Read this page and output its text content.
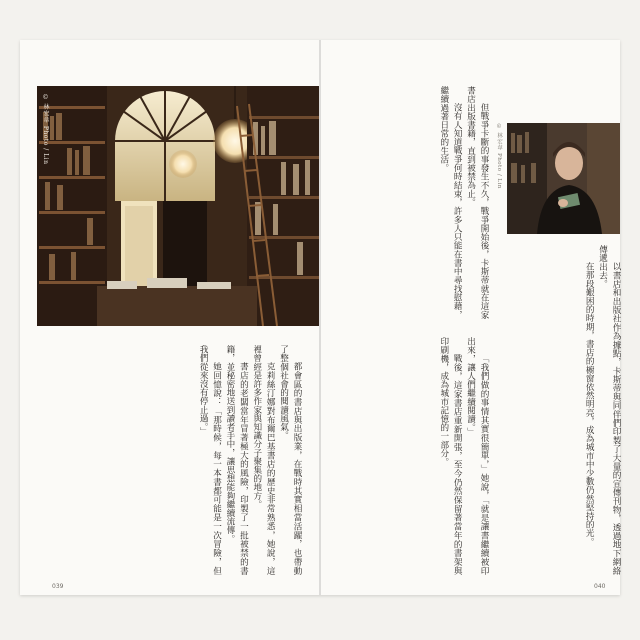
© 林宏韋 Photo / Lin

都會區的書店與出版業，在戰時其實相當活躍，也帶動了整個社會的閱讀風氣。

克莉絲汀娜對布爾巴基書店的歷史非常熟悉，她說，這裡曾經是許多作家與知識分子聚集的地方。

書店的老闆當年冒著極大的風險，印製了一批被禁的書籍，並秘密地送到讀者手中，讓思想能夠繼續流傳。

她回憶說：「那時候，每一本書都可能是一次冒險，但我們從來沒有停止過。」

039

但戰爭卡斷的事發生不久，戰爭開始後，卡斯蒂就在這家書店出版書籍，直到被禁為止。

沒有人知道戰爭何時結束，許多人只能在書中尋找慰藉，繼續過著日常的生活。	© 林宏韋 Photo / Lin

以書店和出版社作為據點，卡斯蒂與同伴們印製了大量的宣傳刊物，透過地下網絡傳遞出去。

在那段艱困的時期，書店的櫥窗依然明亮，成為城市中少數仍然堅持的光。

「我們做的事情其實很簡單，」她說，「就是讓書繼續被印出來，讓人們繼續閱讀。」

戰後，這家書店重新開張，至今仍然保留著當年的書架與印刷機，成為城市記憶的一部分。

040
